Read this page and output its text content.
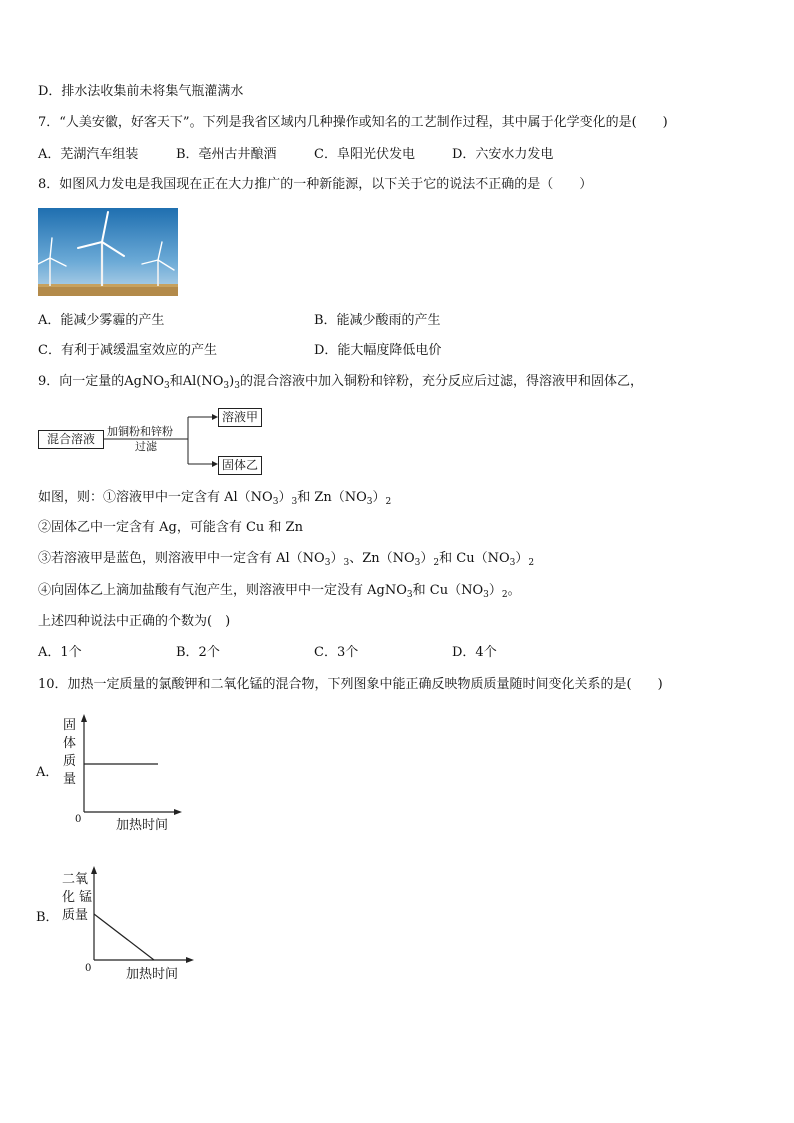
D．排水法收集前未将集气瓶灌满水
7．“人美安徽，好客天下”。下列是我省区域内几种操作或知名的工艺制作过程，其中属于化学变化的是(　　)
A．芜湖汽车组装	B．亳州古井酿酒	C．阜阳光伏发电	D．六安水力发电
8．如图风力发电是我国现在正在大力推广的一种新能源，以下关于它的说法不正确的是（　　）
A．能减少雾霾的产生	B．能减少酸雨的产生
C．有利于减缓温室效应的产生	D．能大幅度降低电价
9．向一定量的AgNO$_3$和$Al(NO_3)_3$的混合溶液中加入铜粉和锌粉，充分反应后过滤，得溶液甲和固体乙，
混合溶液
加铜粉和锌粉
过滤
溶液甲
固体乙
如图，则：①溶液甲中一定含有 $Al(NO_3)_3$和 $Zn(NO_3)_2$
②固体乙中一定含有 Ag，可能含有 Cu 和 Zn
③若溶液甲是蓝色，则溶液甲中一定含有 $Al(NO_3)_3$、$Zn(NO_3)_2$和 $Cu(NO_3)_2$
④向固体乙上滴加盐酸有气泡产生，则溶液甲中一定没有 AgNO$_3$和 $Cu(NO_3)_2$。
上述四种说法中正确的个数为(　)
A．1个	B．2个	C．3个	D．4个
10．加热一定质量的氯酸钾和二氧化锰的混合物，下列图象中能正确反映物质质量随时间变化关系的是(　　)
A．
固
体
质
量
0	加热时间
B．
二氧
化 锰
质量
0	加热时间
